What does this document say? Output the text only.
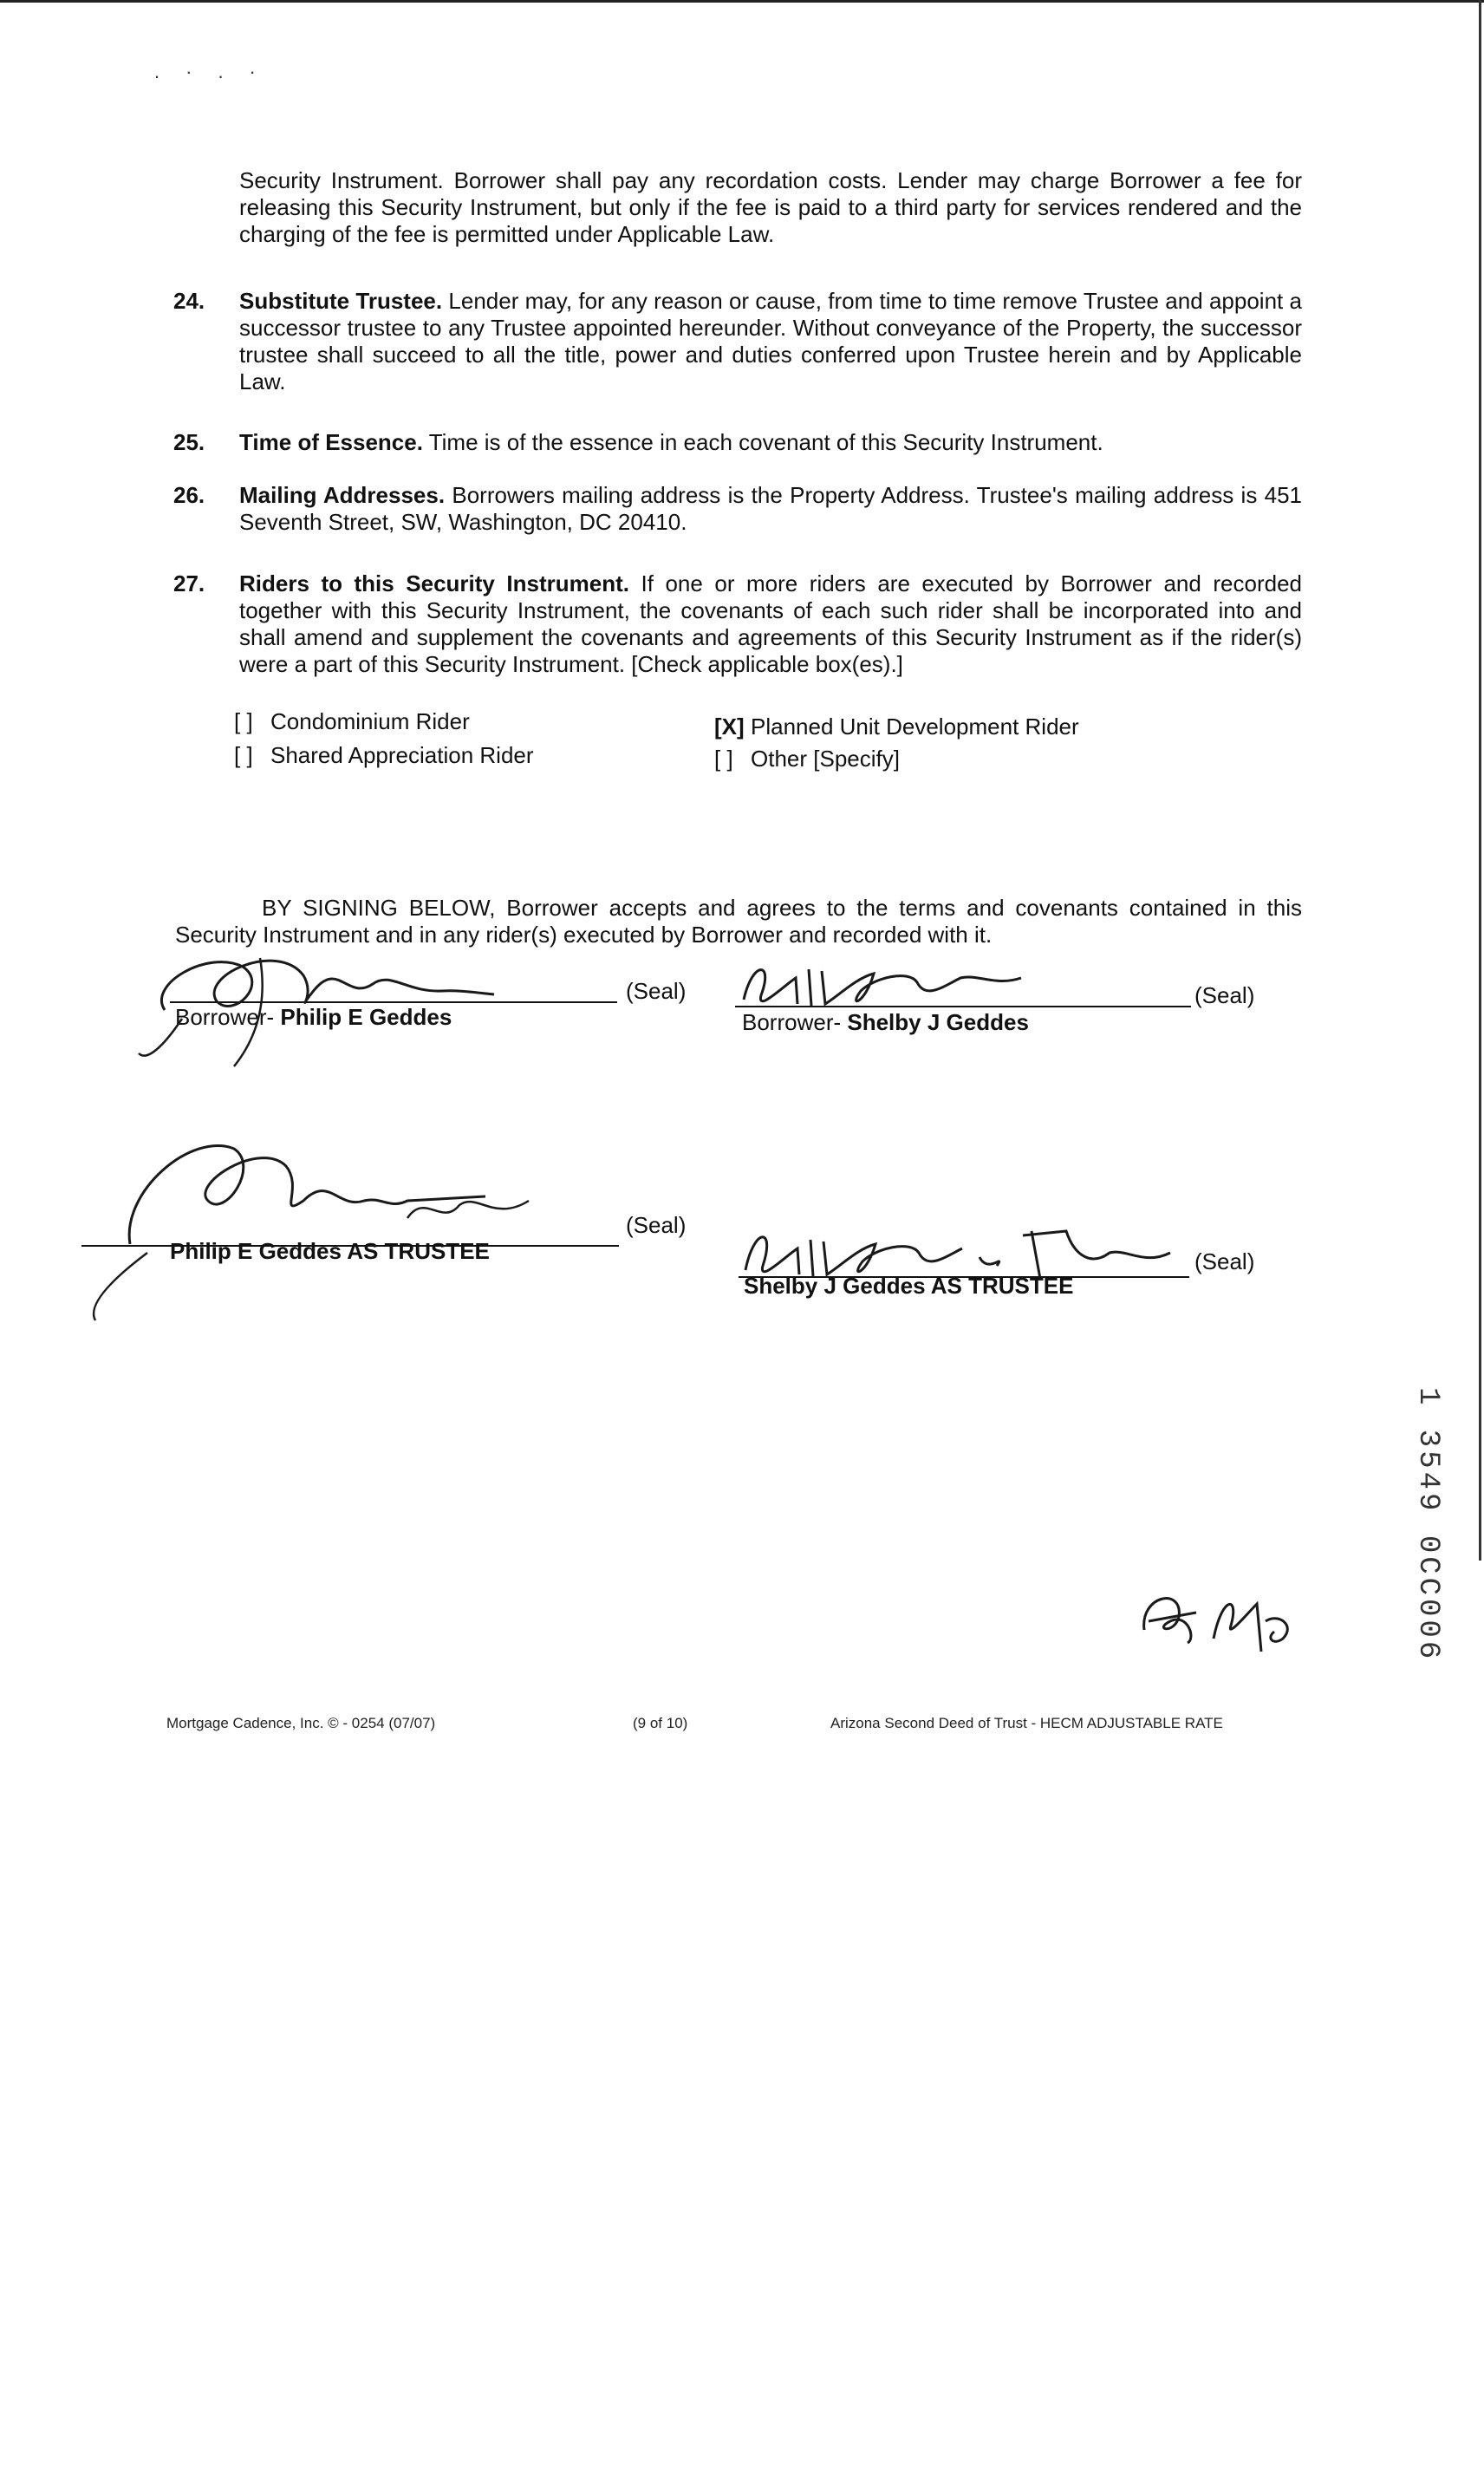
.·.·
Security Instrument. Borrower shall pay any recordation costs. Lender may charge Borrower a fee for releasing this Security Instrument, but only if the fee is paid to a third party for services rendered and the charging of the fee is permitted under Applicable Law.
24. Substitute Trustee. Lender may, for any reason or cause, from time to time remove Trustee and appoint a successor trustee to any Trustee appointed hereunder. Without conveyance of the Property, the successor trustee shall succeed to all the title, power and duties conferred upon Trustee herein and by Applicable Law.
25. Time of Essence. Time is of the essence in each covenant of this Security Instrument.
26. Mailing Addresses. Borrowers mailing address is the Property Address. Trustee's mailing address is 451 Seventh Street, SW, Washington, DC 20410.
27. Riders to this Security Instrument. If one or more riders are executed by Borrower and recorded together with this Security Instrument, the covenants of each such rider shall be incorporated into and shall amend and supplement the covenants and agreements of this Security Instrument as if the rider(s) were a part of this Security Instrument. [Check applicable box(es).]
[ ] Condominium Rider
[ ] Shared Appreciation Rider
[X] Planned Unit Development Rider
[ ] Other [Specify]
BY SIGNING BELOW, Borrower accepts and agrees to the terms and covenants contained in this Security Instrument and in any rider(s) executed by Borrower and recorded with it.
(Seal)
Borrower- Philip E Geddes
(Seal)
Borrower- Shelby J Geddes
(Seal)
Philip E Geddes AS TRUSTEE	(Seal)
Shelby J Geddes AS TRUSTEE
1 3549 0CC006
Mortgage Cadence, Inc. © - 0254 (07/07)	(9 of 10)	Arizona Second Deed of Trust - HECM ADJUSTABLE RATE
